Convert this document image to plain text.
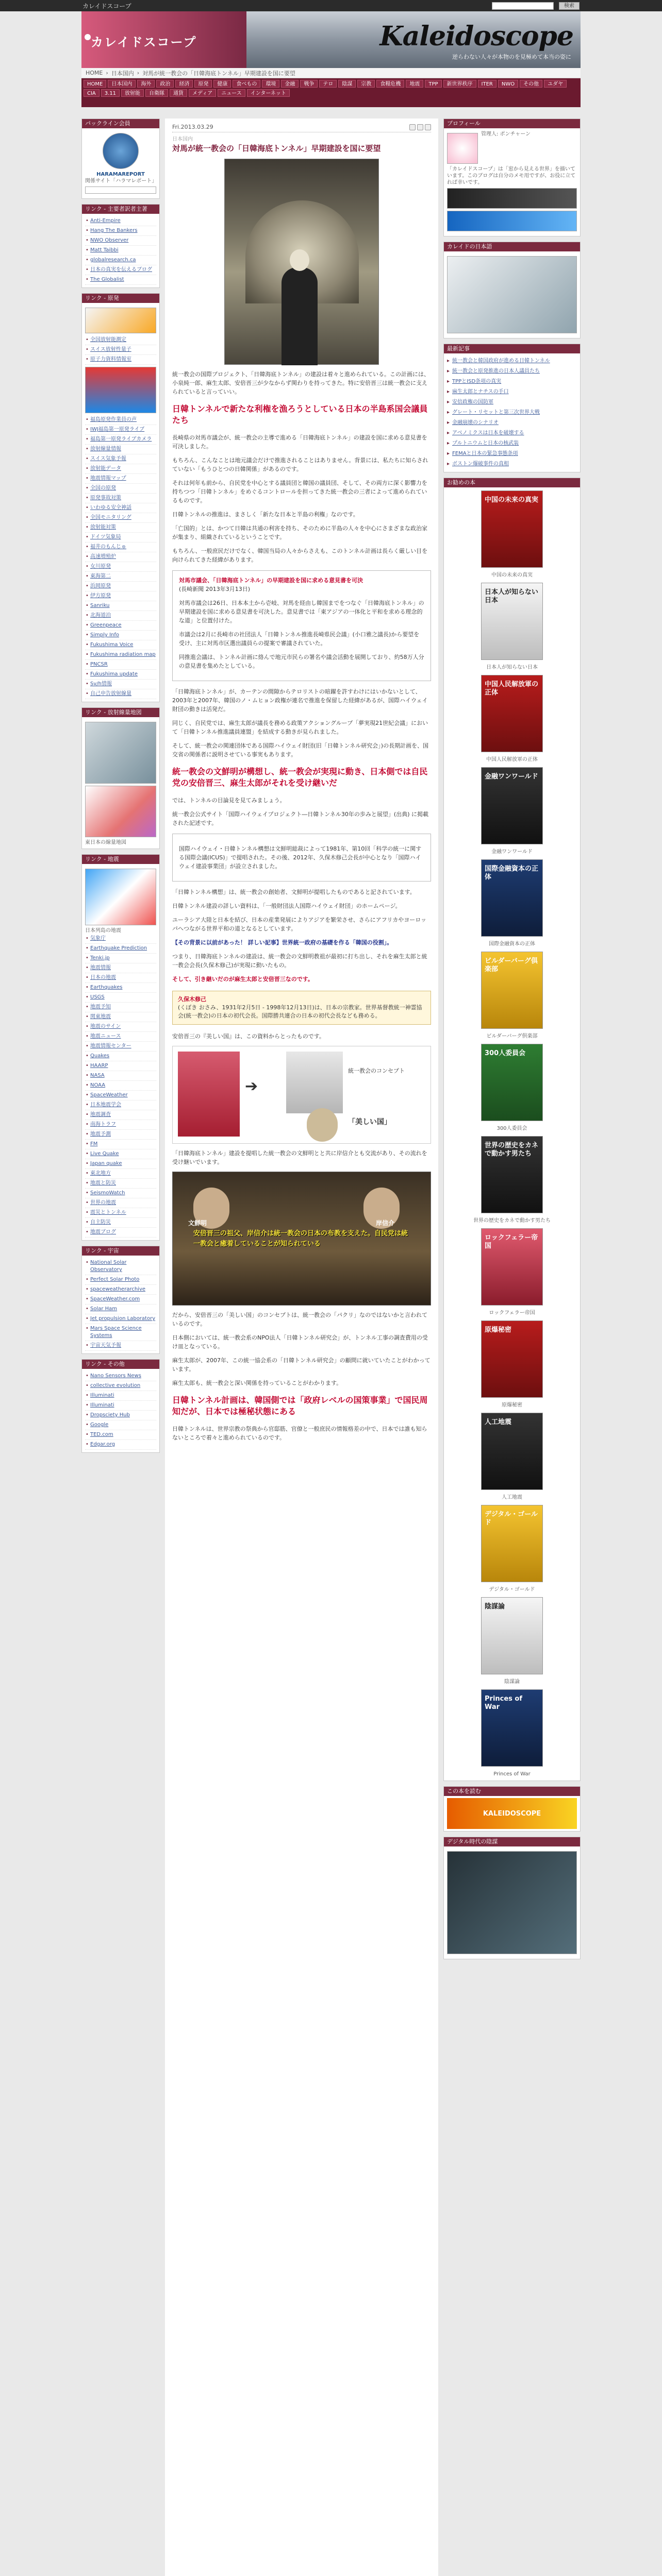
カレイドスコープ	検索
カレイドスコープ	Kaleidoscope
逆らわない人々が本物のを見極めて本当の姿に
HOME › 日本国内 › 対馬が統一教会の「日韓海底トンネル」早期建設を国に要望
HOME	日本国内	海外	政治	経済	原発	健康	食べもの	環境	金融	戦争	テロ	陰謀	宗教	食糧危機	地震	TPP	新世界秩序	ITER	NWO	その他	ユダヤ
CIA	3.11	放射能	自衛隊	通貨	メディア	ニュース	インターネット
パックライン会員
HARAMAREPORT
関係サイト「ハラマレポート」
リンク - 主要者訳者主著
• Anti-Empire
• Hang The Bankers
• NWO Observer
• Matt Taibbi
• globalresearch.ca
• 日本の真実を伝えるブログ
• The Globalist
リンク - 原発
• 全国放射能測定
• スイス放射性量子
• 原子力資料情報室
• 福島原発作業員の声
• IWJ福島第一原発ライブ
• 福島第一原発ライブカメラ
• 放射線量情報
• スイス気象予報
• 放射能データ
• 地震情報マップ
• 全国の原発
• 原発事故対策
• いわゆる安全神話
• 全国モニタリング
• 放射能対策
• ドイツ気象局
• 福井のもんじゅ
• 高速増殖炉
• 女川原発
• 東海第二
• 浜岡原発
• 伊方原発
• Sanriku
• 北海道泊
• Greenpeace
• Simply Info
• Fukushima Voice
• Fukushima radiation map
• PNCSR
• Fukushima update
• Sv/h情報
• 自己申告放射線量
リンク - 放射線量地図
東日本の線量地図
リンク - 地震
日本列島の地震
• 気象庁
• Earthquake Prediction
• Tenki.jp
• 地震情報
• 日本の地震
• Earthquakes
• USGS
• 地震予知
• 関東地震
• 地震のサイン
• 地震ニュース
• 地震情報センター
• Quakes
• HAARP
• NASA
• NOAA
• SpaceWeather
• 日本地震学会
• 地震調査
• 南海トラフ
• 地震予測
• FM
• Live Quake
• Japan quake
• 東北地方
• 地震と防災
• SeismoWatch
• 世界の地震
• 震災とトンネル
• 自主防災
• 地震ブログ
リンク - 宇宙
• National Solar Observatory
• Perfect Solar Photo
• spaceweatherarchive
• SpaceWeather.com
• Solar Ham
• Jet propulsion Laboratory
• Mars Space Science Systems
• 宇宙天気予報
リンク - その他
• Nano Sensors News
• collective evolution
• Illuminati
• Illuminati
• Dropsciety Hub
• Google
• TED.com
• Edgar.org
Fri.2013.03.29
日本国内
対馬が統一教会の「日韓海底トンネル」早期建設を国に要望

統一教会の国際プロジェクト、「日韓海底トンネル」の建設は着々と進められている。この計画には、小泉純一郎、麻生太郎、安倍晋三が少なからず関わりを持ってきた。特に安倍晋三は統一教会に支えられていると言っていい。

日韓トンネルで新たな利権を漁ろうとしている日本の半島系国会議員たち

長崎県の対馬市議会が、統一教会の主導で進める「日韓海底トンネル」の建設を国に求める意見書を可決しました。

もちろん、こんなことは地元議会だけで推進されることはありません。背景には、私たちに知らされていない「もうひとつの日韓関係」があるのです。

それは何年も前から、自民党を中心とする議員団と韓国の議員団、そして、その両方に深く影響力を持ちつつ「日韓トンネル」をめぐるコントロールを担ってきた統一教会の三者によって進められているものです。

日韓トンネルの推進は、まさしく「新たな日本と半島の利権」なのです。

「亡国的」とは、かつて日韓は共通の利害を持ち、そのために半島の人々を中心にさまざまな政治家が集まり、組織されているということです。

もちろん、一般庶民だけでなく、韓国当局の人々からさえも、このトンネル計画は長らく厳しい目を向けられてきた経緯があります。

対馬市議会、「日韓海底トンネル」の早期建設を国に求める意見書を可決
(長崎新聞 2013年3月13日)

対馬市議会は26日、日本本土から壱岐、対馬を経由し韓国までをつなぐ「日韓海底トンネル」の早期建設を国に求める意見書を可決した。意見書では「東アジアの一体化と平和を求める理念的な道」と位置付けた。

市議会は2月に長崎市の社団法人「日韓トンネル推進長崎県民会議」(小口雅之議長)から要望を受け、主に対馬市区選出議員らの提案で審議されていた。

同推進会議は、トンネル計画に絡んで地元市民らの署名や議会活動を展開しており、約58万人分の意見書を集めたとしている。

「日韓海底トンネル」が、カーテンの間隙からテロリストの暗躍を許すわけにはいかないとして、2003年と2007年、韓国のノ・ムヒョン政権が連名で推進を保留した経緯があるが、国際ハイウェイ財団の動きは活発だ。

同じく、自民党では、麻生太郎が議長を務める政策アクショングループ「夢実現21世紀会議」において「日韓トンネル推進議員連盟」を結成する動きが見られました。

そして、統一教会の関連団体である国際ハイウェイ財団(旧「日韓トンネル研究会」)の長期計画を、国交省の関係者に説明させている事実もあります。

統一教会の文鮮明が構想し、統一教会が実現に動き、日本側では自民党の安倍晋三、麻生太郎がそれを受け継いだ

では、トンネルの目論見を見てみましょう。

統一教会公式サイト「国際ハイウェイプロジェクト―日韓トンネル30年の歩みと展望」(出典) に掲載された記述です。

国際ハイウェイ・日韓トンネル構想は文鮮明総裁によって1981年、第10回「科学の統一に関する国際会議(ICUS)」で提唱された。その後、2012年、久保木修己会長が中心となり「国際ハイウェイ建設事業団」が設立されました。

「日韓トンネル構想」は、統一教会の創始者、文鮮明が提唱したものであると記されています。

日韓トンネル建設の詳しい資料は、「一般財団法人国際ハイウェイ財団」のホームページ。

ユーラシア大陸と日本を結び、日本の産業発展によりアジアを繁栄させ、さらにアフリカやヨーロッパへつながる世界平和の道となるとしています。

【その背景に以前があった！ 詳しい記事】世界統一政府の基礎を作る「韓国の役割」。

つまり、日韓海底トンネルの建設は、統一教会の文鮮明教祖が最初に打ち出し、それを麻生太郎と統一教会会長(久保木修己)が実現に動いたもの。

そして、引き継いだのが麻生太郎と安倍晋三なのです。

久保木修己
(くぼき おさみ、1931年2月5日 - 1998年12月13日)は、日本の宗教家。世界基督教統一神霊協会(統一教会)の日本の初代会長。国際勝共連合の日本の初代会長なども務める。

安倍晋三の『美しい国』は、この資料からとったものです。

➔
統一教会のコンセプト
「美しい国」

「日韓海底トンネル」建設を提唱した統一教会の文鮮明とと共に岸信介とも交流があり、その流れを受け継いでいます。

文鮮明	岸信介
安倍晋三の祖父、岸信介は統一教会の日本の布教を支えた。自民党は統一教会と癒着していることが知られている

だから、安倍晋三の「美しい国」のコンセプトは、統一教会の「パクリ」なのではないかと言われているのです。

日本側においては、統一教会系のNPO法人「日韓トンネル研究会」が、トンネル工事の調査費用の受け皿となっている。

麻生太郎が、2007年、この統一協会系の「日韓トンネル研究会」の顧問に就いていたことがわかっています。

麻生太郎も、統一教会と深い関係を持っていることがわかります。

日韓トンネル計画は、韓国側では「政府レベルの国策事業」で国民周知だが、日本では極秘状態にある

日韓トンネルは、世界宗教の祭典から官邸筋、官僚と一般庶民の情報格差の中で、日本では誰も知らないところで着々と進められているのです。

プロフィール
管理人: ポンチャーン
「カレイドスコープ」は「窓から見える世界」を描いています。このブログは自分のメモ用ですが、お役に立てれば幸いです。
カレイドの日本語
最新記事
▸ 統一教会と韓国政府が進める日韓トンネル
▸ 統一教会と原発推進の日本人議員たち
▸ TPPとISD条項の真実
▸ 麻生太郎とナチスの手口
▸ 安倍政権の国防軍
▸ グレート・リセットと第三次世界大戦
▸ 金融崩壊のシナリオ
▸ アベノミクスは日本を破壊する
▸ プルトニウムと日本の核武装
▸ FEMAと日本の緊急事態条項
▸ ボストン爆破事件の真相
お勧めの本
中国の未来の真実
中国の未来の真実
日本人が知らない日本
日本人が知らない日本
中国人民解放軍の正体
中国人民解放軍の正体
金融ワンワールド
金融ワンワールド
国際金融資本の正体
国際金融資本の正体
ビルダーバーグ倶楽部
ビルダーバーグ倶楽部
300人委員会
300人委員会
世界の歴史をカネで動かす男たち
世界の歴史をカネで動かす男たち
ロックフェラー帝国
ロックフェラー帝国
原爆秘密
原爆秘密
人工地震
人工地震
デジタル・ゴールド
デジタル・ゴールド
陰謀論
陰謀論
Princes of War
Princes of War
この本を読む
KALEIDOSCOPE
デジタル時代の陰謀
